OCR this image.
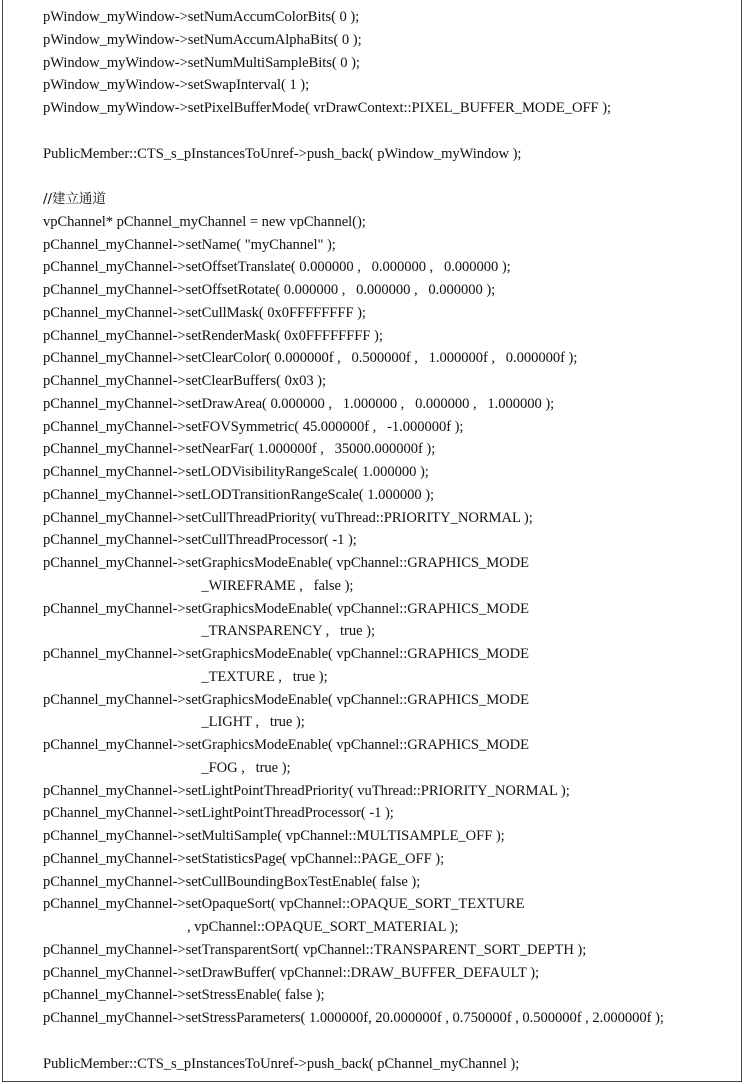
pWindow_myWindow->setNumAccumColorBits( 0 );
pWindow_myWindow->setNumAccumAlphaBits( 0 );
pWindow_myWindow->setNumMultiSampleBits( 0 );
pWindow_myWindow->setSwapInterval( 1 );
pWindow_myWindow->setPixelBufferMode( vrDrawContext::PIXEL_BUFFER_MODE_OFF );
PublicMember::CTS_s_pInstancesToUnref->push_back( pWindow_myWindow );
//建立通道
vpChannel* pChannel_myChannel = new vpChannel();
pChannel_myChannel->setName( "myChannel" );
pChannel_myChannel->setOffsetTranslate( 0.000000 ,   0.000000 ,   0.000000 );
pChannel_myChannel->setOffsetRotate( 0.000000 ,   0.000000 ,   0.000000 );
pChannel_myChannel->setCullMask( 0x0FFFFFFFF );
pChannel_myChannel->setRenderMask( 0x0FFFFFFFF );
pChannel_myChannel->setClearColor( 0.000000f ,   0.500000f ,   1.000000f ,   0.000000f );
pChannel_myChannel->setClearBuffers( 0x03 );
pChannel_myChannel->setDrawArea( 0.000000 ,   1.000000 ,   0.000000 ,   1.000000 );
pChannel_myChannel->setFOVSymmetric( 45.000000f ,   -1.000000f );
pChannel_myChannel->setNearFar( 1.000000f ,   35000.000000f );
pChannel_myChannel->setLODVisibilityRangeScale( 1.000000 );
pChannel_myChannel->setLODTransitionRangeScale( 1.000000 );
pChannel_myChannel->setCullThreadPriority( vuThread::PRIORITY_NORMAL );
pChannel_myChannel->setCullThreadProcessor( -1 );
pChannel_myChannel->setGraphicsModeEnable( vpChannel::GRAPHICS_MODE
_WIREFRAME ,   false );
pChannel_myChannel->setGraphicsModeEnable( vpChannel::GRAPHICS_MODE
_TRANSPARENCY ,   true );
pChannel_myChannel->setGraphicsModeEnable( vpChannel::GRAPHICS_MODE
_TEXTURE ,   true );
pChannel_myChannel->setGraphicsModeEnable( vpChannel::GRAPHICS_MODE
_LIGHT ,   true );
pChannel_myChannel->setGraphicsModeEnable( vpChannel::GRAPHICS_MODE
_FOG ,   true );
pChannel_myChannel->setLightPointThreadPriority( vuThread::PRIORITY_NORMAL );
pChannel_myChannel->setLightPointThreadProcessor( -1 );
pChannel_myChannel->setMultiSample( vpChannel::MULTISAMPLE_OFF );
pChannel_myChannel->setStatisticsPage( vpChannel::PAGE_OFF );
pChannel_myChannel->setCullBoundingBoxTestEnable( false );
pChannel_myChannel->setOpaqueSort( vpChannel::OPAQUE_SORT_TEXTURE
, vpChannel::OPAQUE_SORT_MATERIAL );
pChannel_myChannel->setTransparentSort( vpChannel::TRANSPARENT_SORT_DEPTH );
pChannel_myChannel->setDrawBuffer( vpChannel::DRAW_BUFFER_DEFAULT );
pChannel_myChannel->setStressEnable( false );
pChannel_myChannel->setStressParameters( 1.000000f, 20.000000f , 0.750000f , 0.500000f , 2.000000f );
PublicMember::CTS_s_pInstancesToUnref->push_back( pChannel_myChannel );
